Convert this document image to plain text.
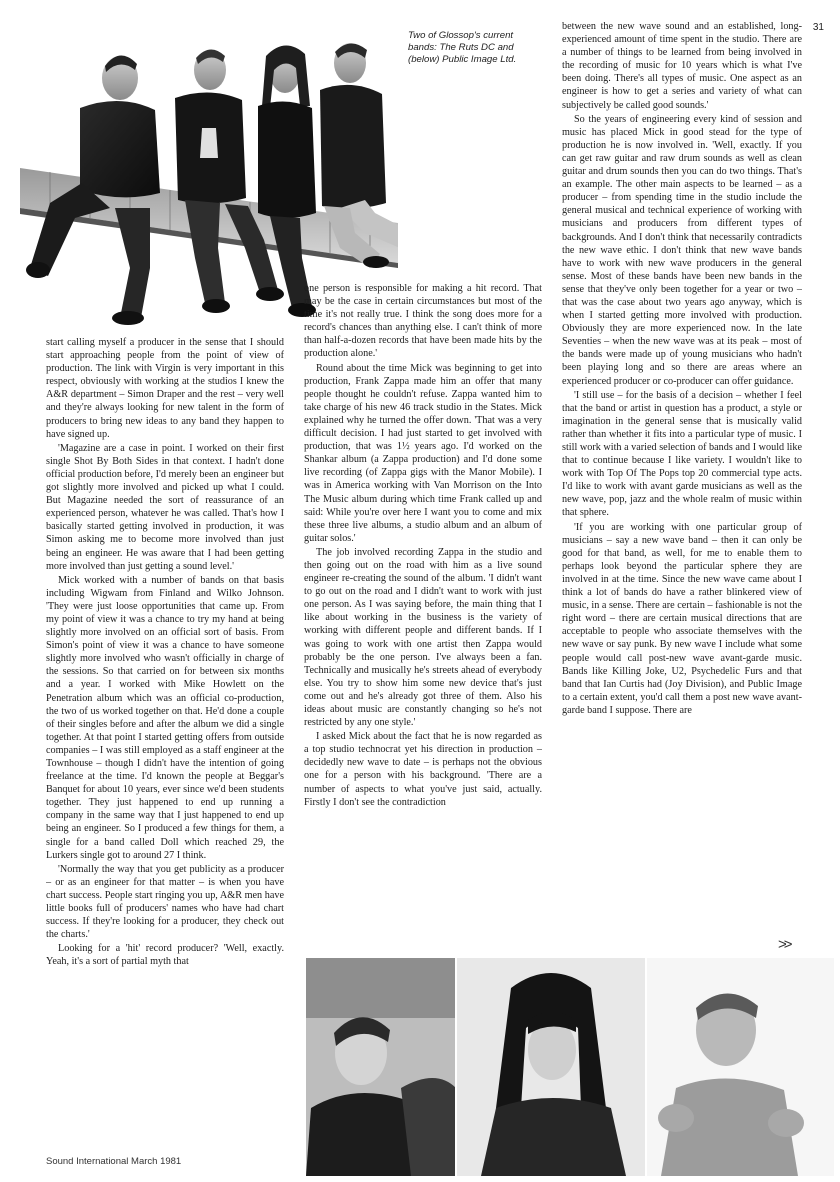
31
Two of Glossop's current bands: The Ruts DC and (below) Public Image Ltd.

start calling myself a producer in the sense that I should start approaching people from the point of view of production. The link with Virgin is very important in this respect, obviously with working at the studios I knew the A&R department – Simon Draper and the rest – very well and they're always looking for new talent in the form of producers to bring new ideas to any band they happen to have signed up.

'Magazine are a case in point. I worked on their first single Shot By Both Sides in that context. I hadn't done official production before, I'd merely been an engineer but got slightly more involved and picked up what I could. But Magazine needed the sort of reassurance of an experienced person, whatever he was called. That's how I basically started getting involved in production, it was Simon asking me to become more involved than just being an engineer. He was aware that I had been getting more involved than just getting a sound level.'

Mick worked with a number of bands on that basis including Wigwam from Finland and Wilko Johnson. 'They were just loose opportunities that came up. From my point of view it was a chance to try my hand at being slightly more involved on an official sort of basis. From Simon's point of view it was a chance to have someone slightly more involved who wasn't officially in charge of the sessions. So that carried on for between six months and a year. I worked with Mike Howlett on the Penetration album which was an official co-production, the two of us worked together on that. He'd done a couple of their singles before and after the album we did a single together. At that point I started getting offers from outside companies – I was still employed as a staff engineer at the Townhouse – though I didn't have the intention of going freelance at the time. I'd known the people at Beggar's Banquet for about 10 years, ever since we'd been students together. They just happened to end up running a company in the same way that I just happened to end up being an engineer. So I produced a few things for them, a single for a band called Doll which reached 29, the Lurkers single got to around 27 I think.

'Normally the way that you get publicity as a producer – or as an engineer for that matter – is when you have chart success. People start ringing you up, A&R men have little books full of producers' names who have had chart success. If they're looking for a producer, they check out the charts.'

Looking for a 'hit' record producer? 'Well, exactly. Yeah, it's a sort of partial myth that

one person is responsible for making a hit record. That may be the case in certain circumstances but most of the time it's not really true. I think the song does more for a record's chances than anything else. I can't think of more than half-a-dozen records that have been made hits by the production alone.'

Round about the time Mick was beginning to get into production, Frank Zappa made him an offer that many people thought he couldn't refuse. Zappa wanted him to take charge of his new 46 track studio in the States. Mick explained why he turned the offer down. 'That was a very difficult decision. I had just started to get involved with production, that was 1½ years ago. I'd worked on the Shankar album (a Zappa production) and I'd done some live recording (of Zappa gigs with the Manor Mobile). I was in America working with Van Morrison on the Into The Music album during which time Frank called up and said: While you're over here I want you to come and mix these three live albums, a studio album and an album of guitar solos.'

The job involved recording Zappa in the studio and then going out on the road with him as a live sound engineer re-creating the sound of the album. 'I didn't want to go out on the road and I didn't want to work with just one person. As I was saying before, the main thing that I like about working in the business is the variety of working with different people and different bands. If I was going to work with one artist then Zappa would probably be the one person. I've always been a fan. Technically and musically he's streets ahead of everybody else. You try to show him some new device that's just come out and he's already got three of them. Also his ideas about music are constantly changing so he's not restricted by any one style.'

I asked Mick about the fact that he is now regarded as a top studio technocrat yet his direction in production – decidedly new wave to date – is perhaps not the obvious one for a person with his background. 'There are a number of aspects to what you've just said, actually. Firstly I don't see the contradiction

between the new wave sound and an established, long-experienced amount of time spent in the studio. There are a number of things to be learned from being involved in the recording of music for 10 years which is what I've been doing. There's all types of music. One aspect as an engineer is how to get a series and variety of what can subjectively be called good sounds.'

So the years of engineering every kind of session and music has placed Mick in good stead for the type of production he is now involved in. 'Well, exactly. If you can get raw guitar and raw drum sounds as well as clean guitar and drum sounds then you can do two things. That's an example. The other main aspects to be learned – as a producer – from spending time in the studio include the general musical and technical experience of working with musicians and producers from different types of backgrounds. And I don't think that necessarily contradicts the new wave ethic. I don't think that new wave bands have to work with new wave producers in the general sense. Most of these bands have been new bands in the sense that they've only been together for a year or two – that was the case about two years ago anyway, which is when I started getting more involved with production. Obviously they are more experienced now. In the late Seventies – when the new wave was at its peak – most of the bands were made up of young musicians who hadn't been playing long and so there are areas where an experienced producer or co-producer can offer guidance.

'I still use – for the basis of a decision – whether I feel that the band or artist in question has a product, a style or imagination in the general sense that is musically valid rather than whether it fits into a particular type of music. I still work with a varied selection of bands and I would like that to continue because I like variety. I wouldn't like to work with Top Of The Pops top 20 commercial type acts. I'd like to work with avant garde musicians as well as the new wave, pop, jazz and the whole realm of music within that sphere.

'If you are working with one particular group of musicians – say a new wave band – then it can only be good for that band, as well, for me to enable them to perhaps look beyond the particular sphere they are involved in at the time. Since the new wave came about I think a lot of bands do have a rather blinkered view of music, in a sense. There are certain – fashionable is not the right word – there are certain musical directions that are acceptable to people who associate themselves with the new wave or say punk. By new wave I include what some people would call post-new wave avant-garde music. Bands like Killing Joke, U2, Psychedelic Furs and that band that Ian Curtis had (Joy Division), and Public Image to a certain extent, you'd call them a post new wave avant-garde band I suppose. There are

>>
Sound International March 1981
